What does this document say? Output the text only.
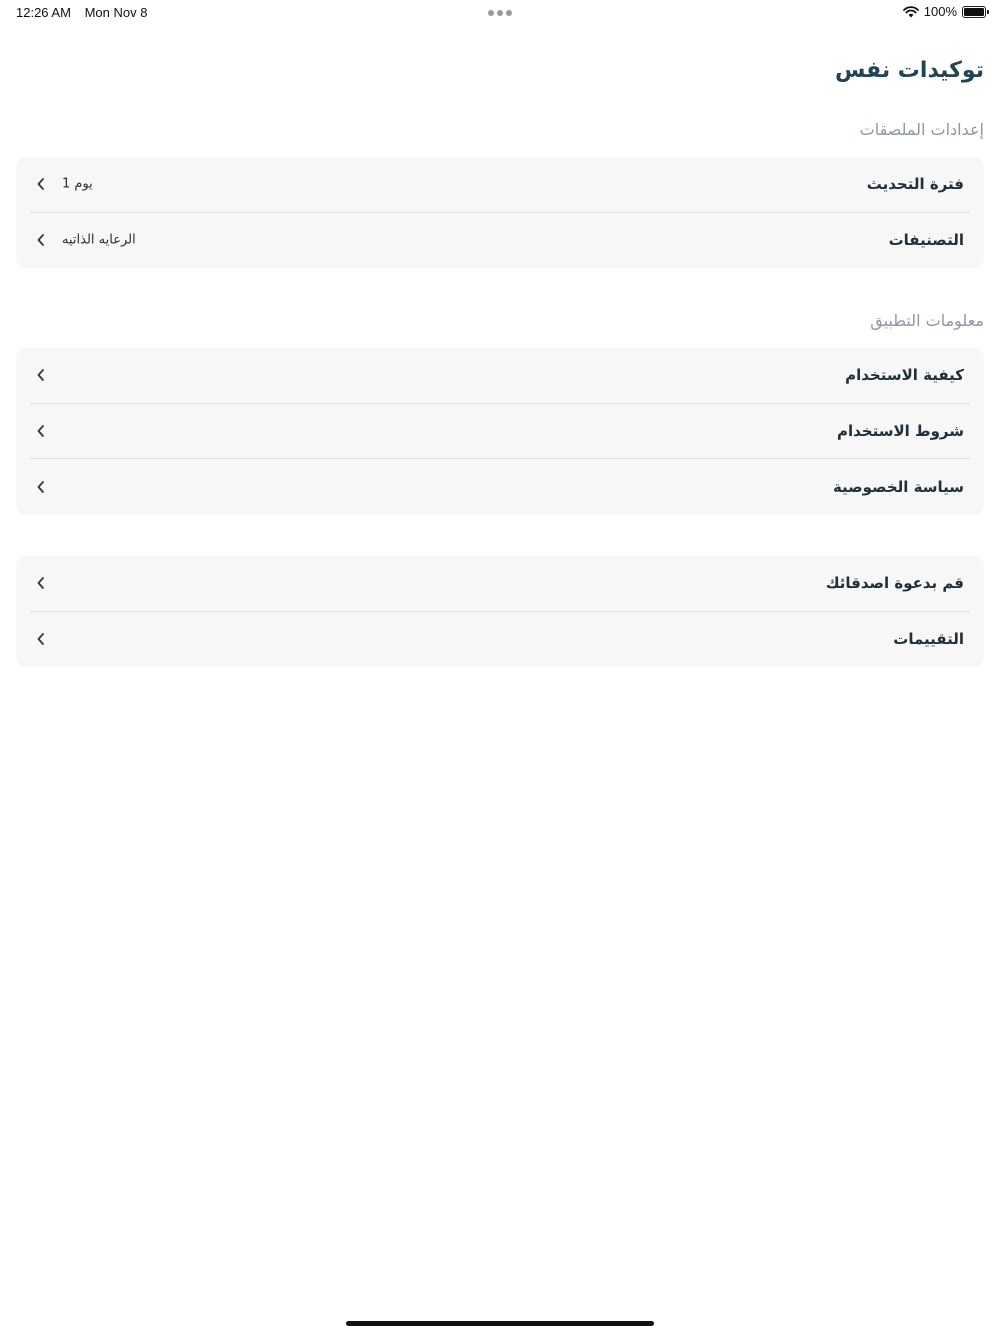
12:26 AM Mon Nov 8	100%
توكيدات نفس
إعدادات الملصقات
فترة التحديث
يوم 1
التصنيفات
الرعايه الذاتيه
معلومات التطبيق
كيفية الاستخدام
شروط الاستخدام
سياسة الخصوصية
قم بدعوة اصدقائك
التقييمات
